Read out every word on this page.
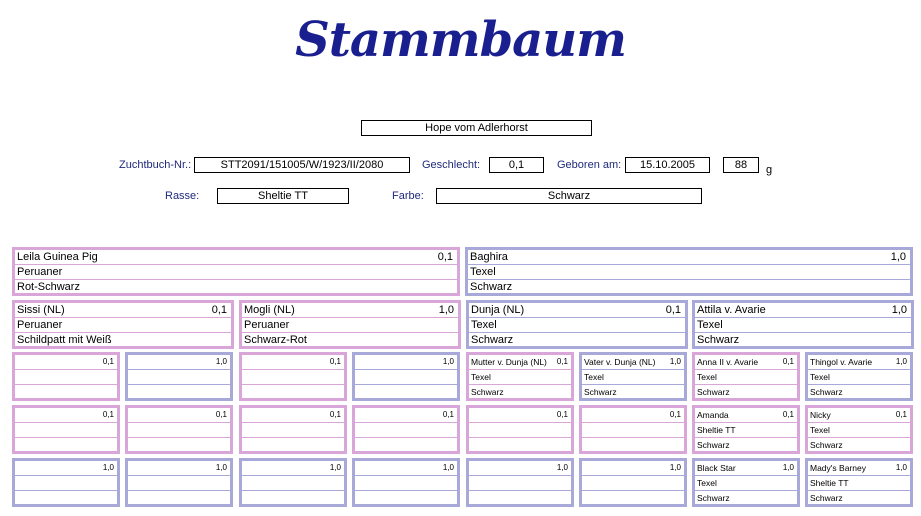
Stammbaum
Hope vom Adlerhorst
Zuchtbuch-Nr.:	STT2091/151005/W/1923/II/2080	Geschlecht:	0,1	Geboren am:	15.10.2005	88	g
Rasse:	Sheltie TT	Farbe:	Schwarz
Leila Guinea Pig	0,1
Peruaner
Rot-Schwarz
Baghira	1,0
Texel
Schwarz
Sissi (NL)	0,1
Peruaner
Schildpatt mit Weiß
Mogli (NL)	1,0
Peruaner
Schwarz-Rot
Dunja (NL)	0,1
Texel
Schwarz
Attila v. Avarie	1,0
Texel
Schwarz
0,1	1,0	0,1	1,0 Mutter v. Dunja (NL) 0,1
Texel
Schwarz
Vater v. Dunja (NL) 1,0
Texel
Schwarz
Anna II v. Avarie	0,1
Texel
Schwarz
Thingol v. Avarie	1,0
Texel
Schwarz
0,1	0,1	0,1	0,1	0,1	0,1 Amanda	0,1
Sheltie TT
Schwarz
Nicky	0,1
Texel
Schwarz
1,0	1,0	1,0	1,0	1,0	1,0 Black Star	1,0
Texel
Schwarz
Mady's Barney	1,0
Sheltie TT
Schwarz
